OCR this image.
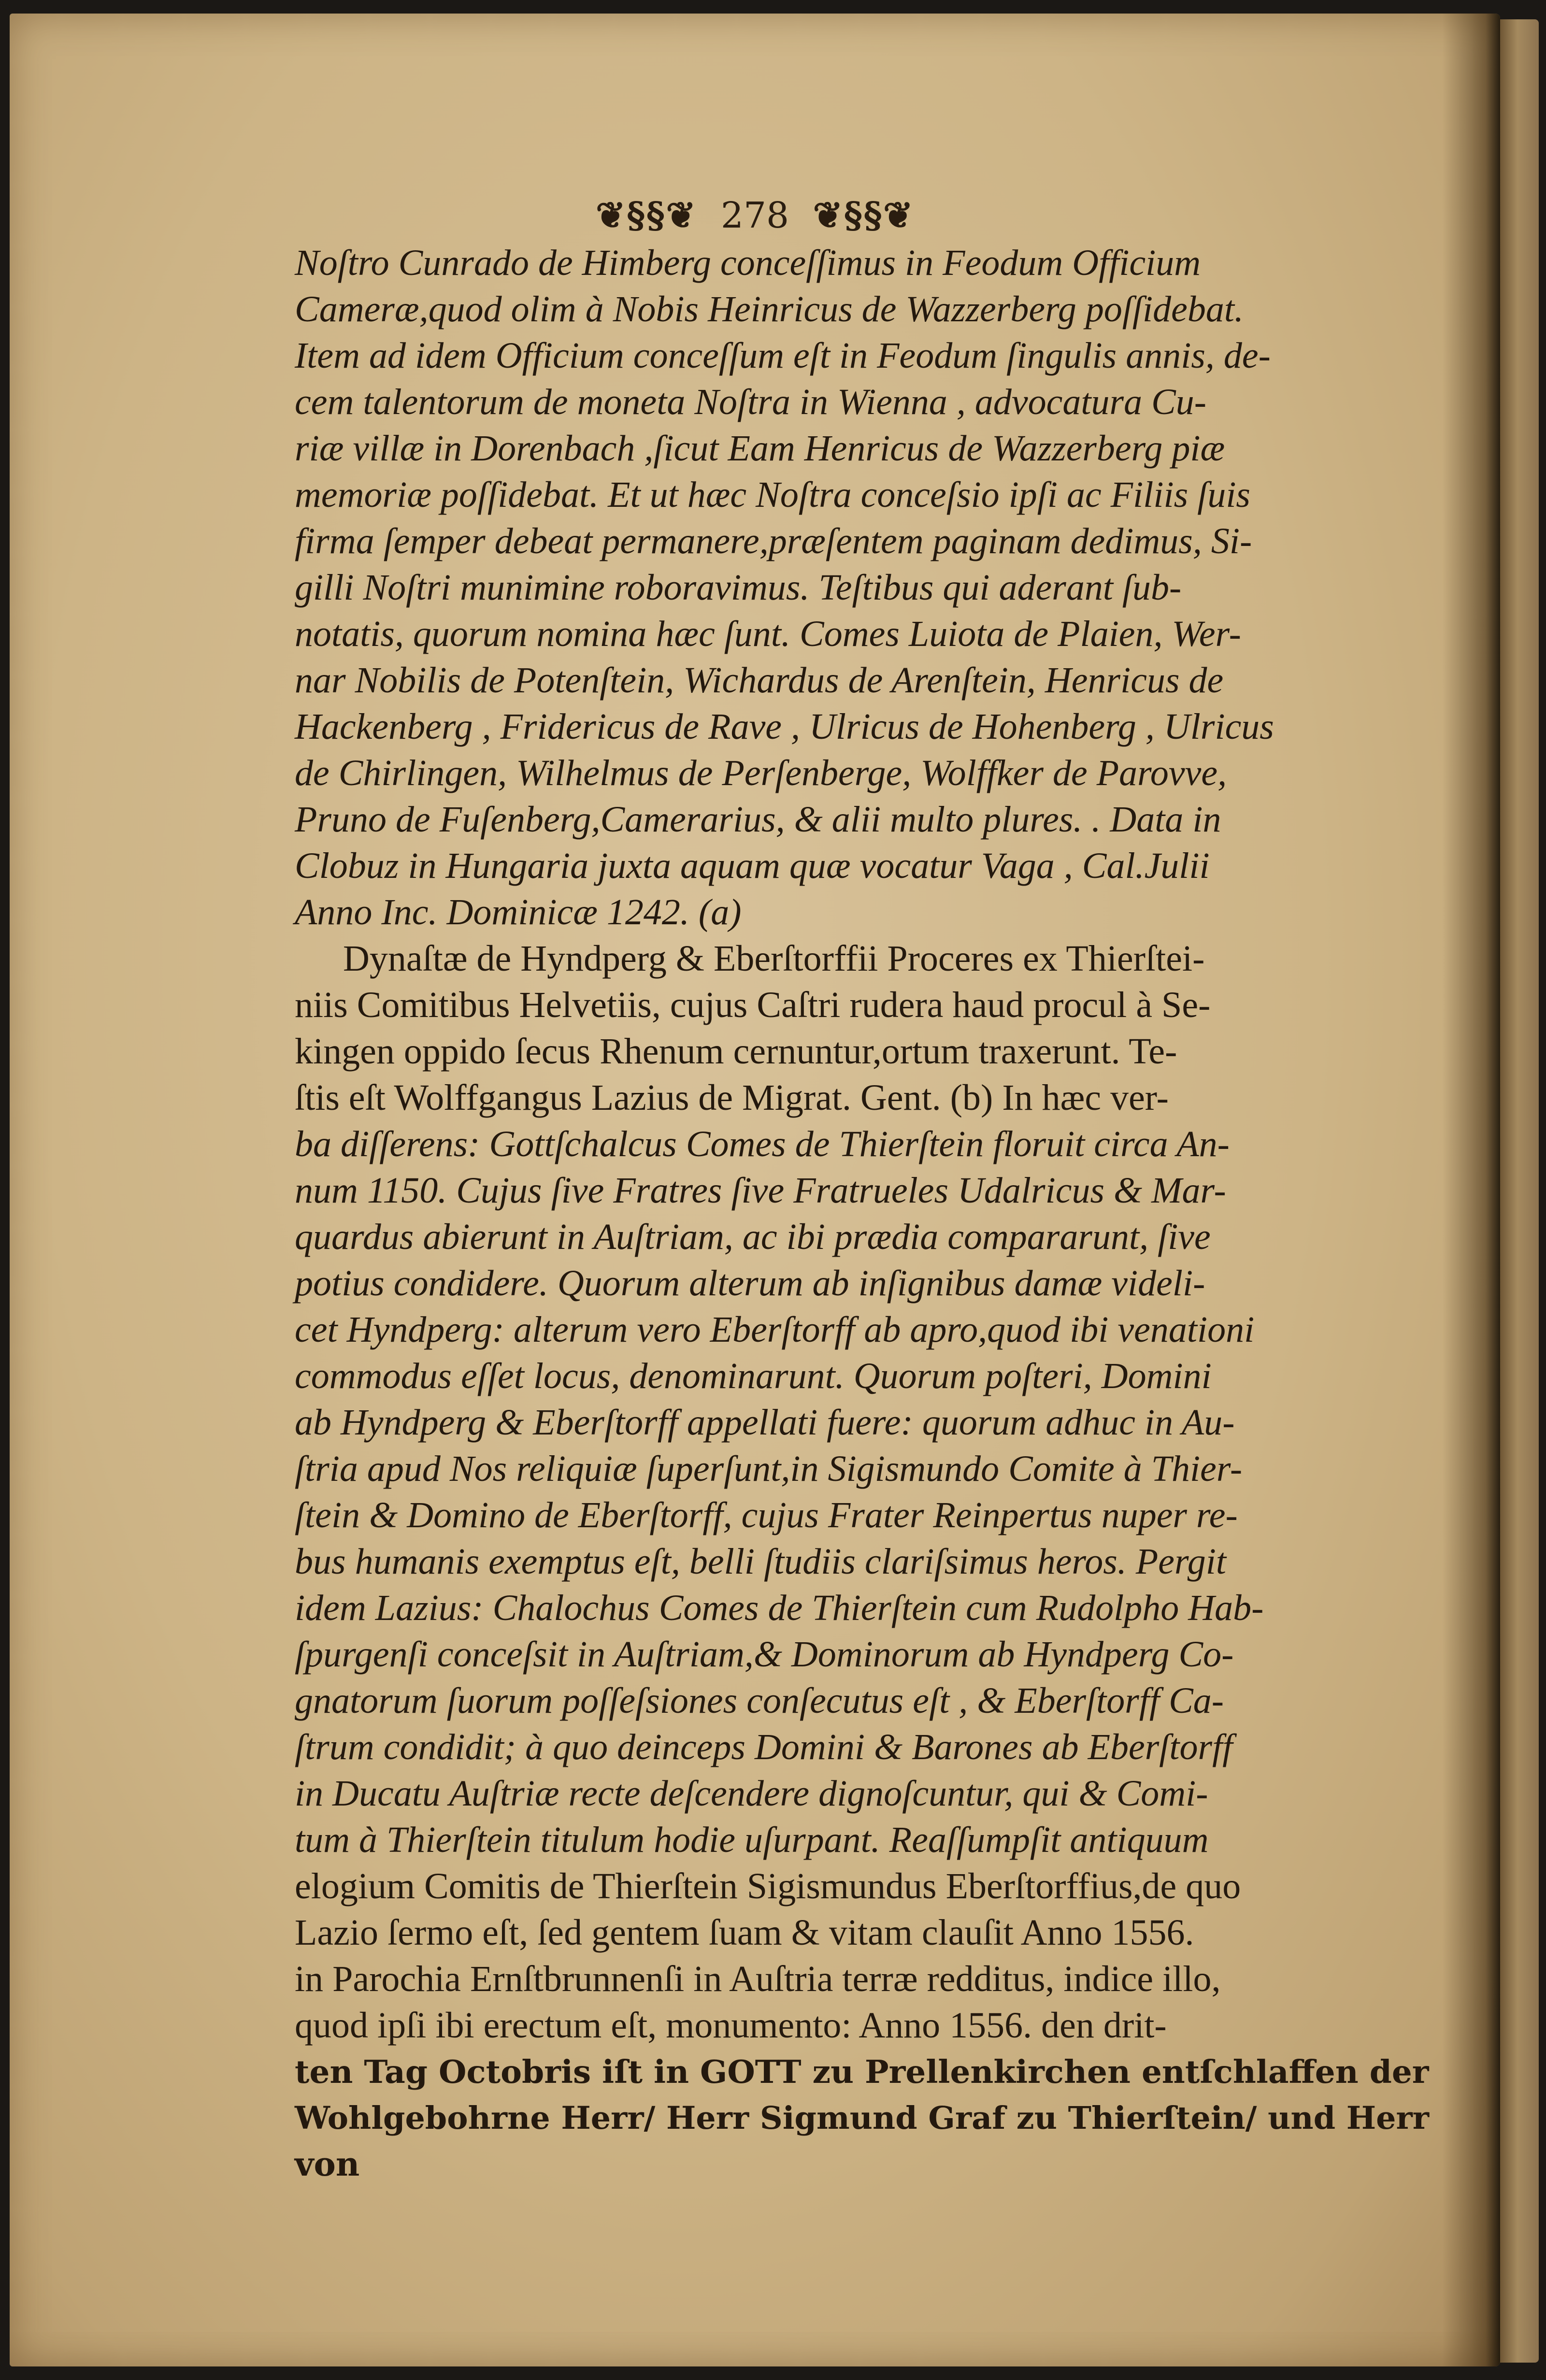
❦§§❦ 278 ❦§§❦
Noſtro Cunrado de Himberg conceſſimus in Feodum Officium
Cameræ,quod olim à Nobis Heinricus de Wazzerberg poſſidebat.
Item ad idem Officium conceſſum eſt in Feodum ſingulis annis, de-
cem talentorum de moneta Noſtra in Wienna , advocatura Cu-
riæ villæ in Dorenbach ,ſicut Eam Henricus de Wazzerberg piæ
memoriæ poſſidebat. Et ut hæc Noſtra conceſsio ipſi ac Filiis ſuis
firma ſemper debeat permanere,præſentem paginam dedimus, Si-
gilli Noſtri munimine roboravimus. Teſtibus qui aderant ſub-
notatis, quorum nomina hæc ſunt. Comes Luiota de Plaien, Wer-
nar Nobilis de Potenſtein, Wichardus de Arenſtein, Henricus de
Hackenberg , Fridericus de Rave , Ulricus de Hohenberg , Ulricus
de Chirlingen, Wilhelmus de Perſenberge, Wolffker de Parovve,
Pruno de Fuſenberg,Camerarius, & alii multo plures. . Data in
Clobuz in Hungaria juxta aquam quæ vocatur Vaga , Cal.Julii
Anno Inc. Dominicæ 1242. (a)
Dynaſtæ de Hyndperg & Eberſtorffii Proceres ex Thierſtei-
niis Comitibus Helvetiis, cujus Caſtri rudera haud procul à Se-
kingen oppido ſecus Rhenum cernuntur,ortum traxerunt. Te-
ſtis eſt Wolffgangus Lazius de Migrat. Gent. (b) In hæc ver-
ba diſſerens: Gottſchalcus Comes de Thierſtein floruit circa An-
num 1150. Cujus ſive Fratres ſive Fratrueles Udalricus & Mar-
quardus abierunt in Auſtriam, ac ibi prædia compararunt, ſive
potius condidere. Quorum alterum ab inſignibus damæ videli-
cet Hyndperg: alterum vero Eberſtorff ab apro,quod ibi venationi
commodus eſſet locus, denominarunt. Quorum poſteri, Domini
ab Hyndperg & Eberſtorff appellati fuere: quorum adhuc in Au-
ſtria apud Nos reliquiæ ſuperſunt,in Sigismundo Comite à Thier-
ſtein & Domino de Eberſtorff, cujus Frater Reinpertus nuper re-
bus humanis exemptus eſt, belli ſtudiis clariſsimus heros. Pergit
idem Lazius: Chalochus Comes de Thierſtein cum Rudolpho Hab-
ſpurgenſi conceſsit in Auſtriam,& Dominorum ab Hyndperg Co-
gnatorum ſuorum poſſeſsiones conſecutus eſt , & Eberſtorff Ca-
ſtrum condidit; à quo deinceps Domini & Barones ab Eberſtorff
in Ducatu Auſtriæ recte deſcendere dignoſcuntur, qui & Comi-
tum à Thierſtein titulum hodie uſurpant. Reaſſumpſit antiquum
elogium Comitis de Thierſtein Sigismundus Eberſtorffius,de quo
Lazio ſermo eſt, ſed gentem ſuam & vitam clauſit Anno 1556.
in Parochia Ernſtbrunnenſi in Auſtria terræ redditus, indice illo,
quod ipſi ibi erectum eſt, monumento: Anno 1556. den drit-
ten Tag Octobris iſt in GOTT zu Prellenkirchen entſchlaffen der
Wohlgebohrne Herr/ Herr Sigmund Graf zu Thierſtein/ und Herr
von
